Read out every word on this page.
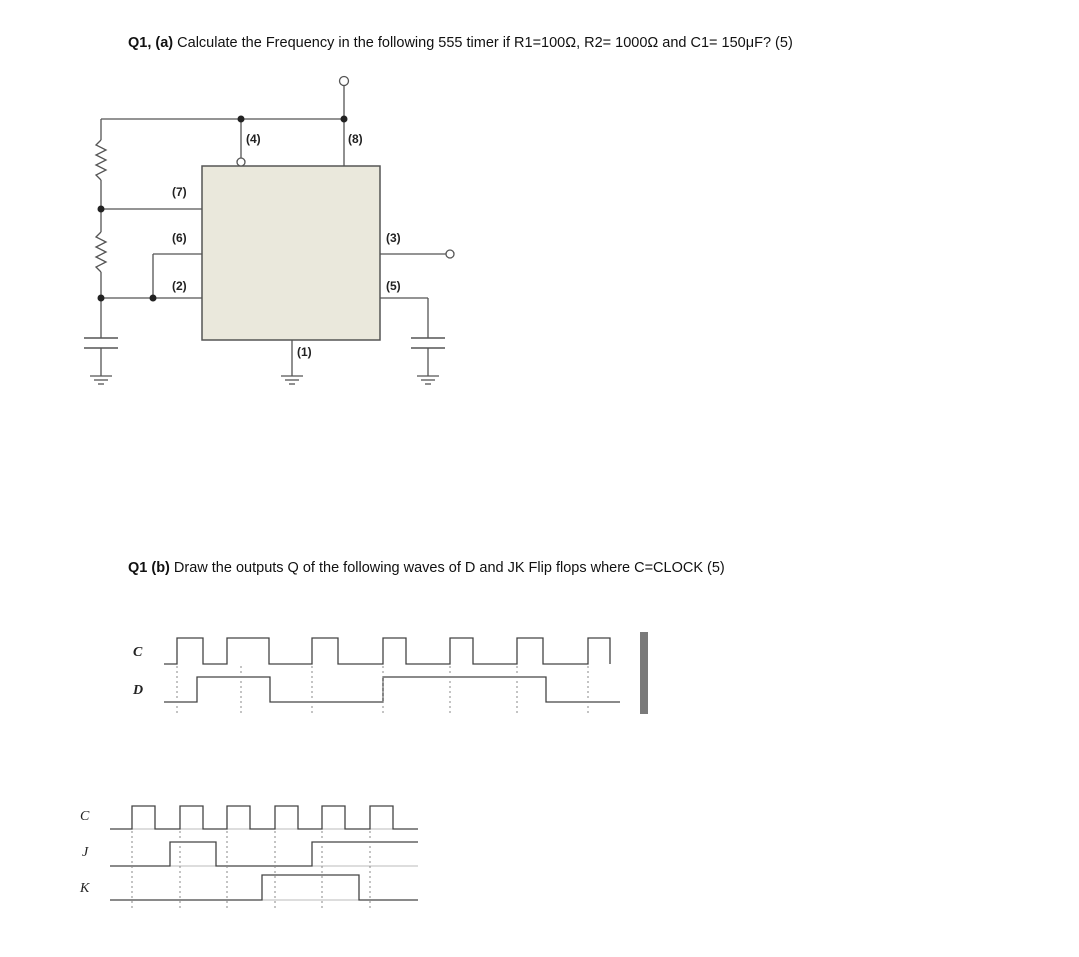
Q1, (a) Calculate the Frequency in the following 555 timer if R1=100Ω, R2= 1000Ω and C1= 150μF? (5)
Q1 (b) Draw the outputs Q of the following waves of D and JK Flip flops where C=CLOCK (5)
(4)	(8)
(7)
(6)
(2)
(3)
(5)
(1)
C
D
C
J
K
